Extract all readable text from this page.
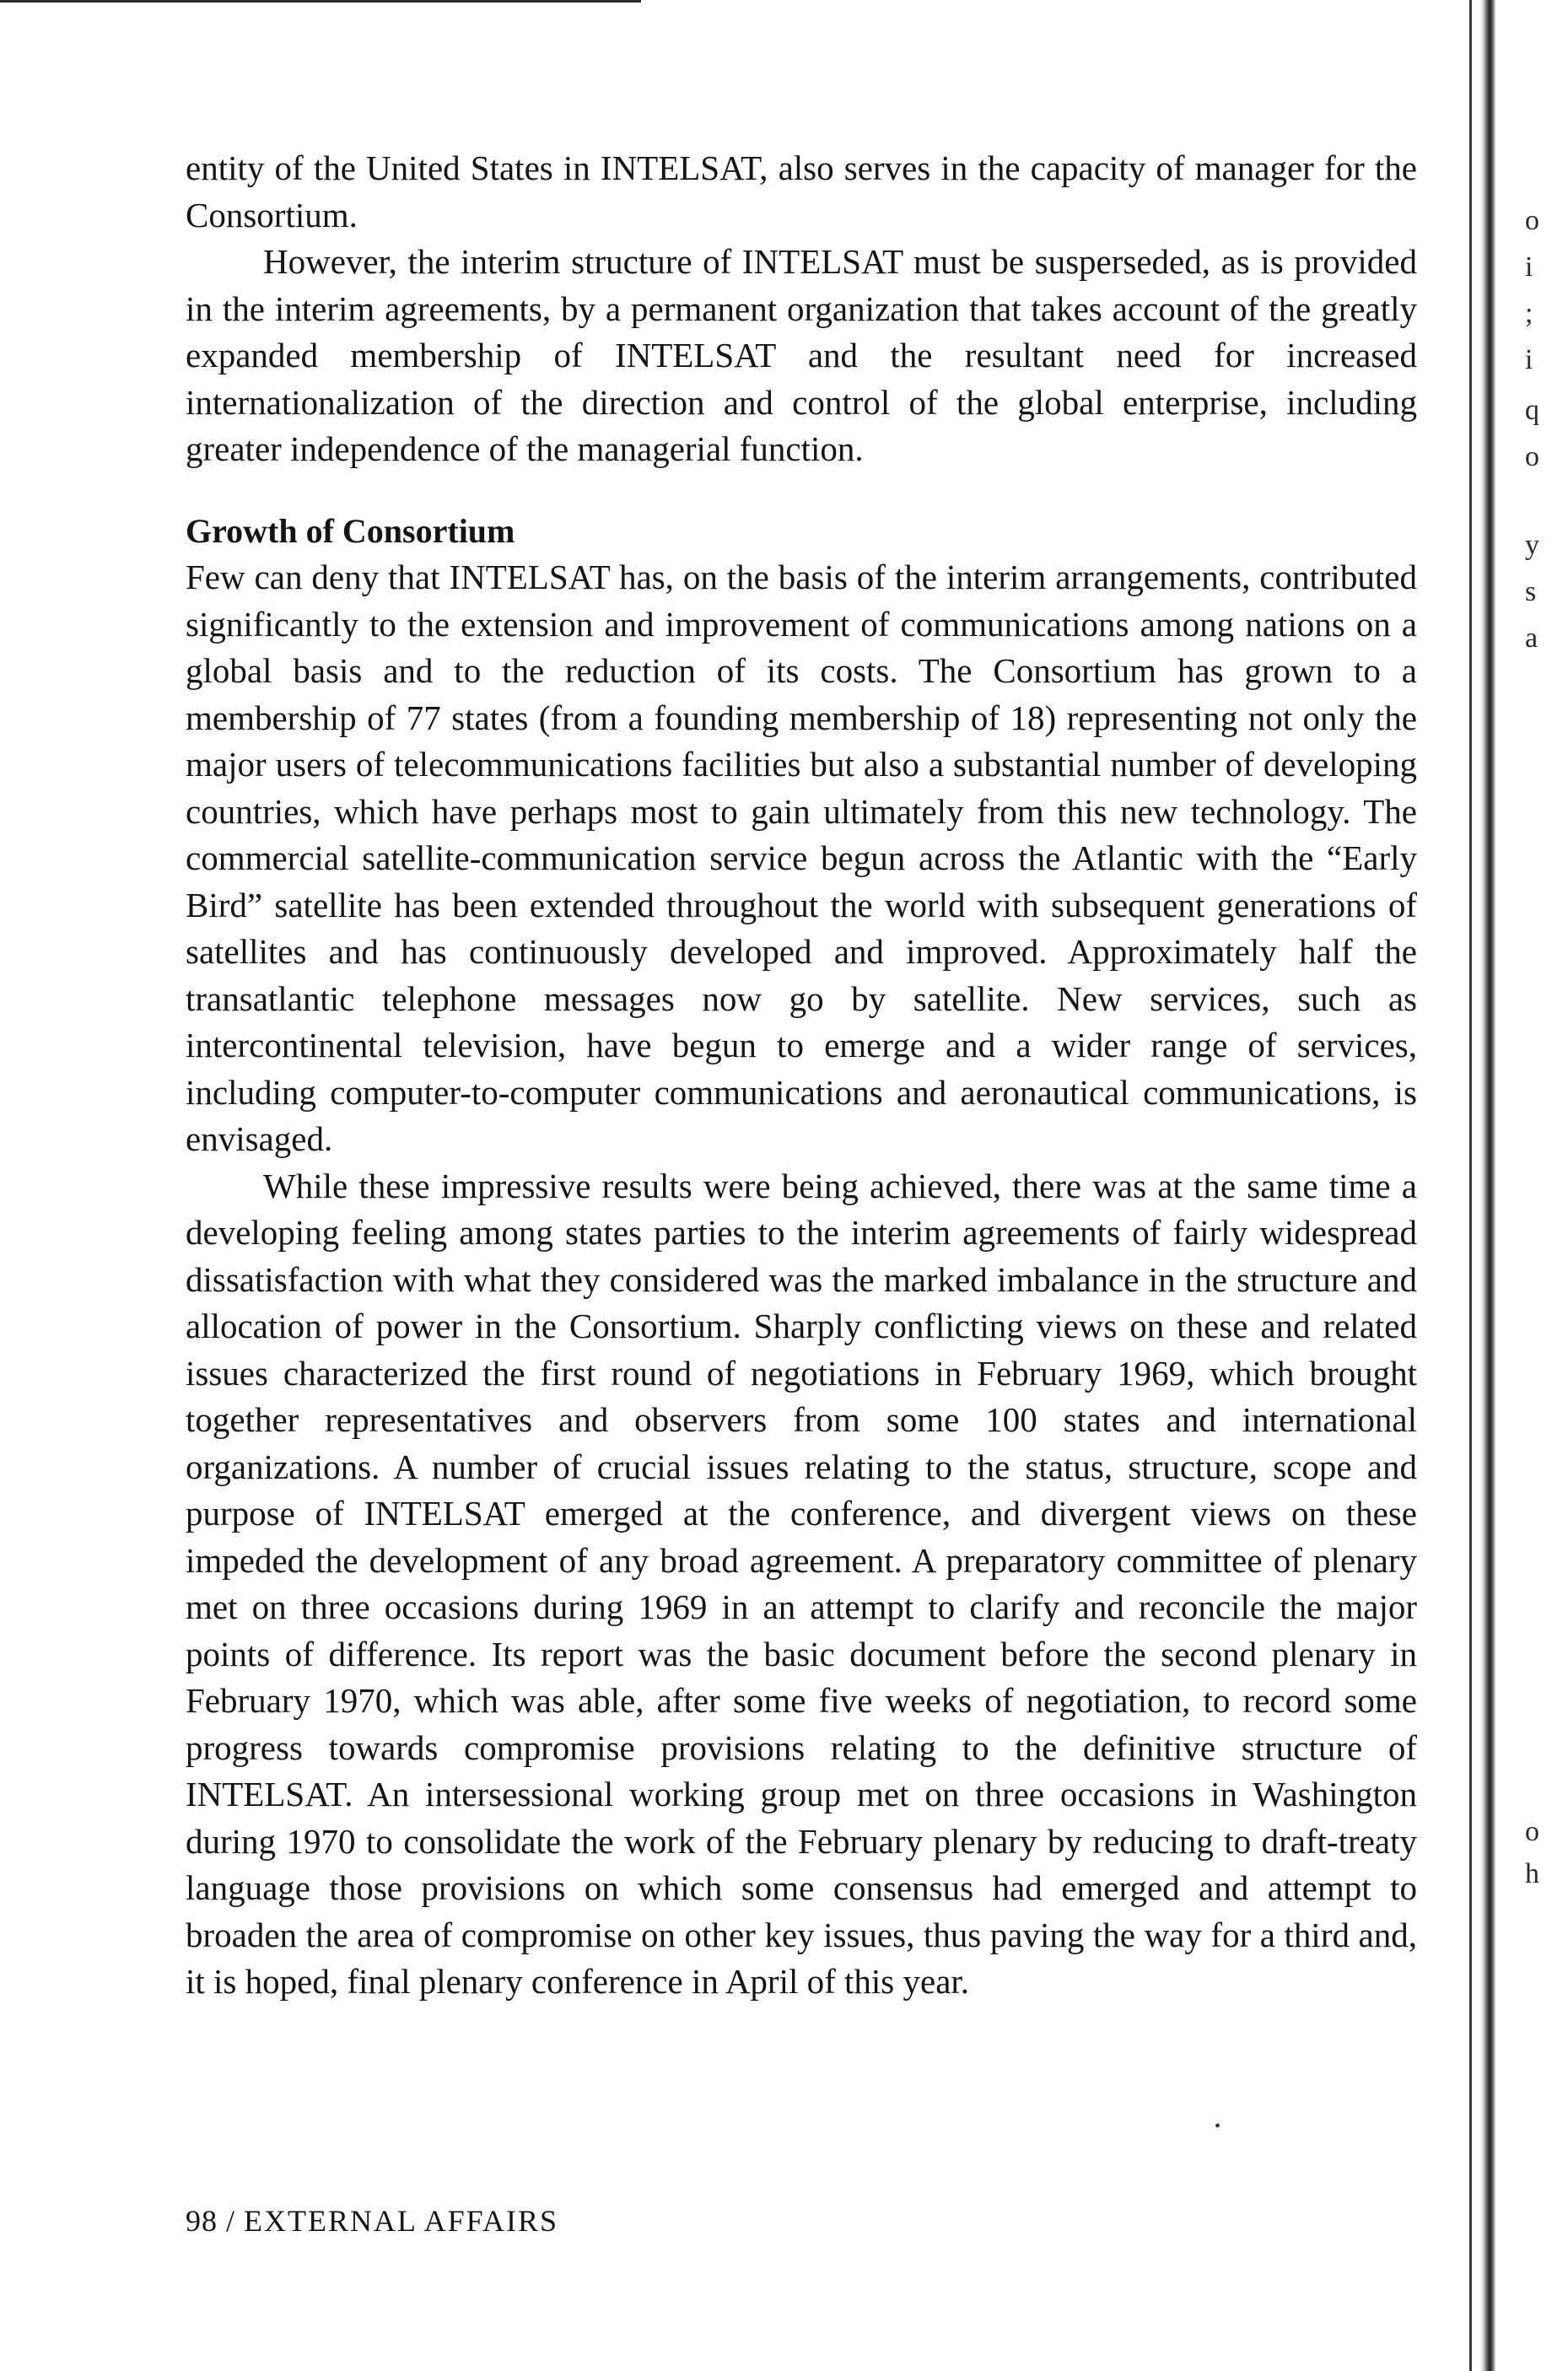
o
i
;
i
q
o
y
s
a
o
h

entity of the United States in INTELSAT, also serves in the capacity of manager for the Consortium.

However, the interim structure of INTELSAT must be susperseded, as is provided in the interim agreements, by a permanent organization that takes account of the greatly expanded membership of INTELSAT and the resultant need for increased internationalization of the direction and control of the global enterprise, including greater independence of the managerial function.

Growth of Consortium

Few can deny that INTELSAT has, on the basis of the interim arrangements, contributed significantly to the extension and improvement of communications among nations on a global basis and to the reduction of its costs. The Consortium has grown to a membership of 77 states (from a founding membership of 18) representing not only the major users of telecommunications facilities but also a substantial number of developing countries, which have perhaps most to gain ultimately from this new technology. The commercial satellite-communication service begun across the Atlantic with the “Early Bird” satellite has been extended throughout the world with subsequent generations of satellites and has continuously developed and improved. Approximately half the transatlantic telephone messages now go by satellite. New services, such as intercontinental television, have begun to emerge and a wider range of services, including computer-to-computer communications and aeronautical communications, is envisaged.

While these impressive results were being achieved, there was at the same time a developing feeling among states parties to the interim agreements of fairly widespread dissatisfaction with what they considered was the marked imbalance in the structure and allocation of power in the Consortium. Sharply conflicting views on these and related issues characterized the first round of negotiations in February 1969, which brought together representatives and observers from some 100 states and international organizations. A number of crucial issues relating to the status, structure, scope and purpose of INTELSAT emerged at the conference, and divergent views on these impeded the development of any broad agreement. A preparatory committee of plenary met on three occasions during 1969 in an attempt to clarify and reconcile the major points of difference. Its report was the basic document before the second plenary in February 1970, which was able, after some five weeks of negotiation, to record some progress towards compromise provisions relating to the definitive structure of INTELSAT. An intersessional working group met on three occasions in Washington during 1970 to consolidate the work of the February plenary by reducing to draft-treaty language those provisions on which some consensus had emerged and attempt to broaden the area of compromise on other key issues, thus paving the way for a third and, it is hoped, final plenary conference in April of this year.

98 / EXTERNAL AFFAIRS
•
